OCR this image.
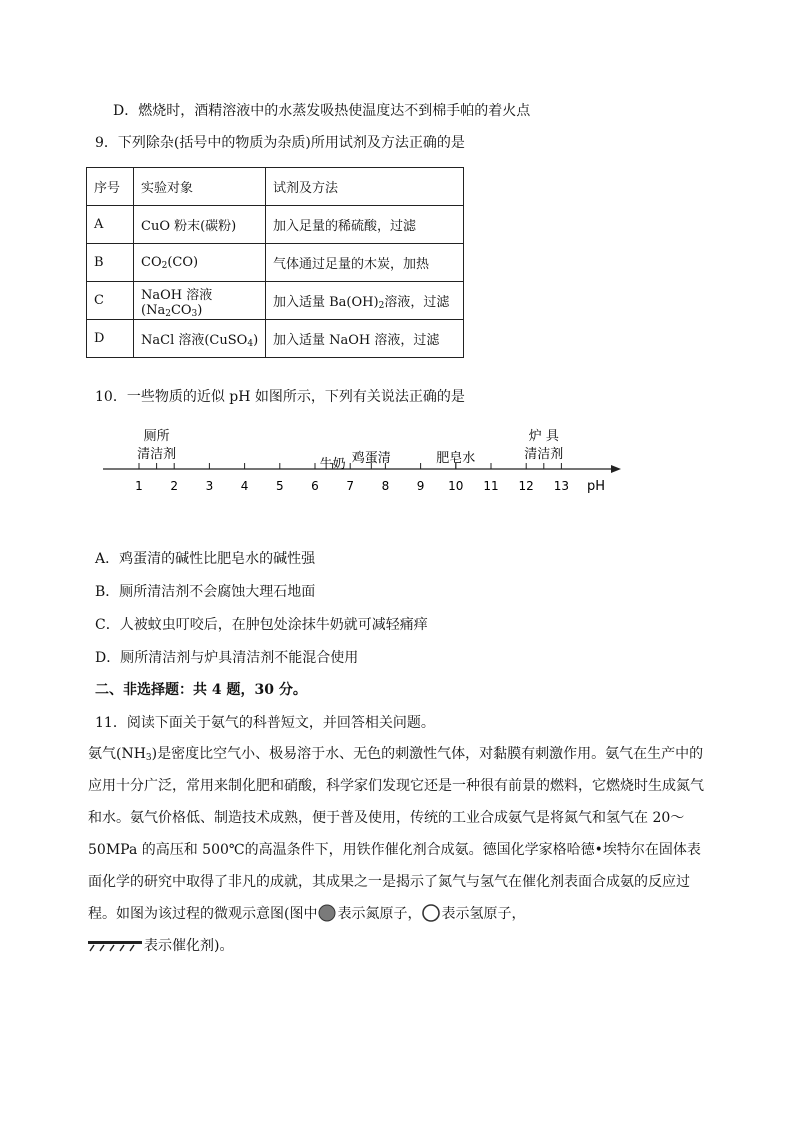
D．燃烧时，酒精溶液中的水蒸发吸热使温度达不到棉手帕的着火点
9．下列除杂(括号中的物质为杂质)所用试剂及方法正确的是
序号	实验对象	试剂及方法
A	CuO 粉末(碳粉)	加入足量的稀硫酸，过滤
B	$CO_2(CO)$	气体通过足量的木炭，加热
C	NaOH 溶液$(Na_2CO_3)$	加入适量 $Ba(OH)_2$溶液，过滤
D	NaCl 溶液(CuSO$_4$)	加入适量 NaOH 溶液，过滤
10．一些物质的近似 pH 如图所示，下列有关说法正确的是
1 2 3 4 5 6 7 8 9 10 11 12 13
厕所
清洁剂
牛奶 鸡蛋清	肥皂水
炉 具
清洁剂
pH
A．鸡蛋清的碱性比肥皂水的碱性强
B．厕所清洁剂不会腐蚀大理石地面
C．人被蚊虫叮咬后，在肿包处涂抹牛奶就可减轻痛痒
D．厕所清洁剂与炉具清洁剂不能混合使用
二、非选择题：共 4 题，30 分。
11．阅读下面关于氨气的科普短文，并回答相关问题。
氨气$(NH_3)$是密度比空气小、极易溶于水、无色的刺激性气体，对黏膜有刺激作用。氨气在生产中的应用十分广泛，常用来制化肥和硝酸，科学家们发现它还是一种很有前景的燃料，它燃烧时生成氮气和水。氨气价格低、制造技术成熟，便于普及使用，传统的工业合成氨气是将氮气和氢气在 20～50MPa 的高压和 500℃的高温条件下，用铁作催化剂合成氨。德国化学家格哈德•埃特尔在固体表面化学的研究中取得了非凡的成就，其成果之一是揭示了氮气与氢气在催化剂表面合成氨的反应过程。如图为该过程的微观示意图(图中 表示氮原子， 表示氢原子，
表示催化剂)。
